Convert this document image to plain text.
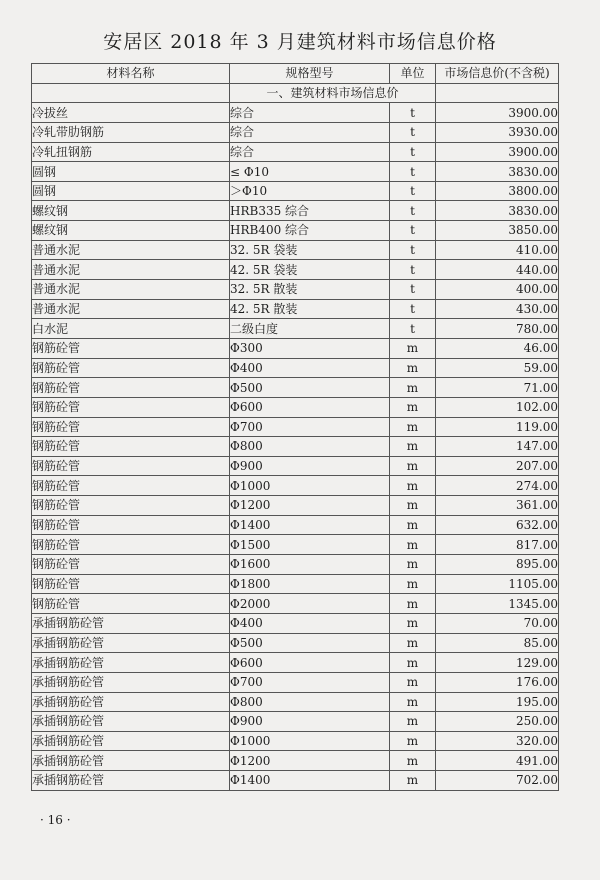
安居区 2018 年 3 月建筑材料市场信息价格
材料名称	规格型号	单位	市场信息价(不含税)
	一、建筑材料市场信息价		
冷拔丝	综合	t	3900.00
冷轧带肋钢筋	综合	t	3930.00
冷轧扭钢筋	综合	t	3900.00
圆钢	≤ Φ10	t	3830.00
圆钢	＞Φ10	t	3800.00
螺纹钢	HRB335 综合	t	3830.00
螺纹钢	HRB400 综合	t	3850.00
普通水泥	32. 5R 袋装	t	410.00
普通水泥	42. 5R 袋装	t	440.00
普通水泥	32. 5R 散装	t	400.00
普通水泥	42. 5R 散装	t	430.00
白水泥	二级白度	t	780.00
钢筋砼管	Φ300	m	46.00
钢筋砼管	Φ400	m	59.00
钢筋砼管	Φ500	m	71.00
钢筋砼管	Φ600	m	102.00
钢筋砼管	Φ700	m	119.00
钢筋砼管	Φ800	m	147.00
钢筋砼管	Φ900	m	207.00
钢筋砼管	Φ1000	m	274.00
钢筋砼管	Φ1200	m	361.00
钢筋砼管	Φ1400	m	632.00
钢筋砼管	Φ1500	m	817.00
钢筋砼管	Φ1600	m	895.00
钢筋砼管	Φ1800	m	1105.00
钢筋砼管	Φ2000	m	1345.00
承插钢筋砼管	Φ400	m	70.00
承插钢筋砼管	Φ500	m	85.00
承插钢筋砼管	Φ600	m	129.00
承插钢筋砼管	Φ700	m	176.00
承插钢筋砼管	Φ800	m	195.00
承插钢筋砼管	Φ900	m	250.00
承插钢筋砼管	Φ1000	m	320.00
承插钢筋砼管	Φ1200	m	491.00
承插钢筋砼管	Φ1400	m	702.00
· 16 ·
